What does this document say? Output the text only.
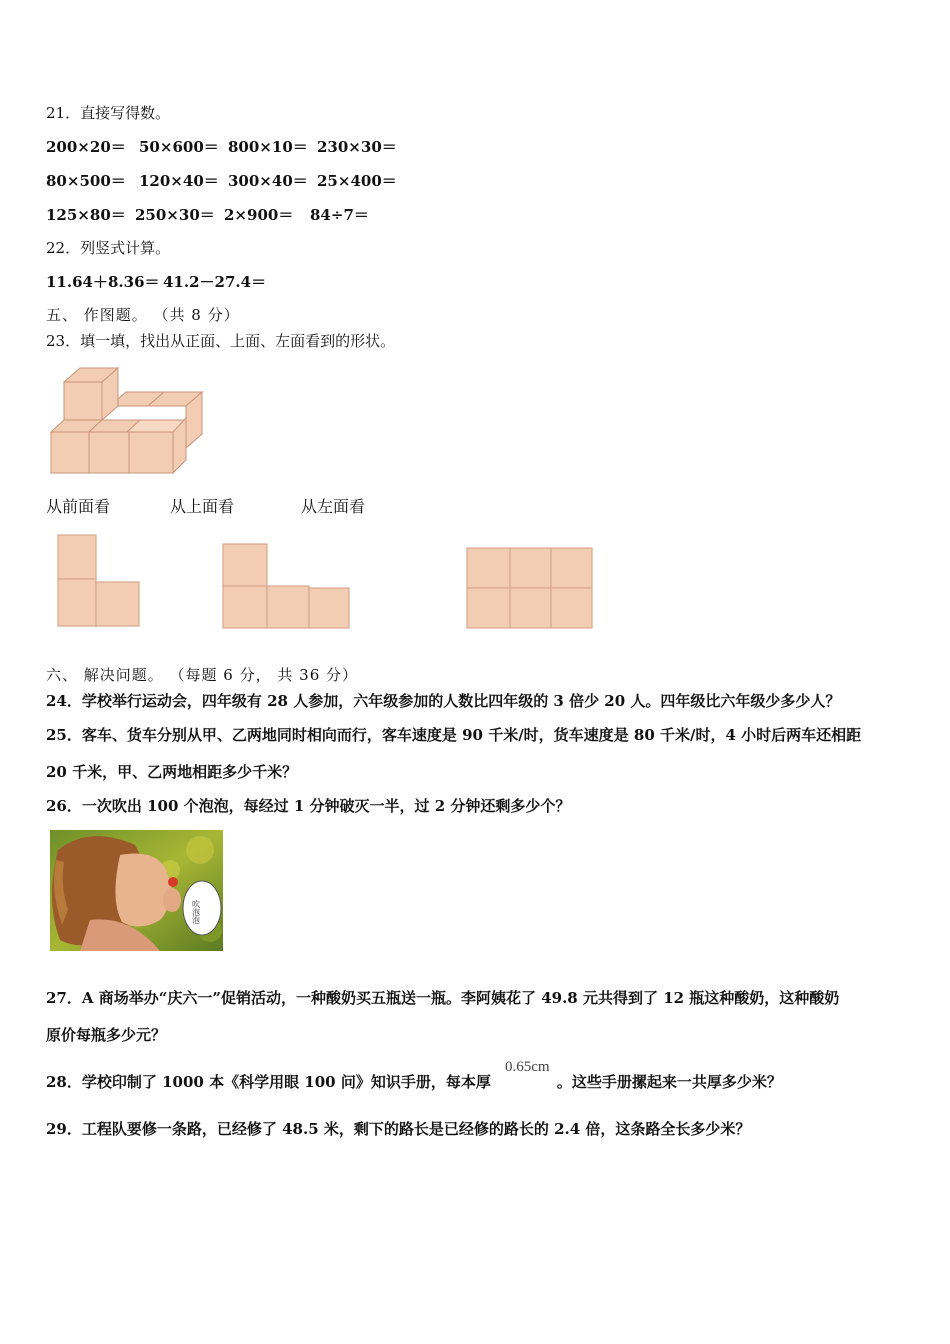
21．直接写得数。
200×20＝ 50×600＝ 800×10＝ 230×30＝
80×500＝ 120×40＝ 300×40＝ 25×400＝
125×80＝ 250×30＝ 2×900＝ 84÷7＝
22．列竖式计算。
11.64＋8.36＝ 41.2－27.4＝
五、 作图题。 （共 8 分）
23．填一填，找出从正面、上面、左面看到的形状。
从前面看	从上面看	从左面看
六、 解决问题。 （每题 6 分， 共 36 分）
24．学校举行运动会，四年级有 28 人参加，六年级参加的人数比四年级的 3 倍少 20 人。四年级比六年级少多少人？
25．客车、货车分别从甲、乙两地同时相向而行，客车速度是 90 千米/时，货车速度是 80 千米/时，4 小时后两车还相距
20 千米，甲、乙两地相距多少千米？
26．一次吹出 100 个泡泡，每经过 1 分钟破灭一半，过 2 分钟还剩多少个？
吹泡泡
27．A 商场举办“庆六一”促销活动，一种酸奶买五瓶送一瓶。李阿姨花了 49.8 元共得到了 12 瓶这种酸奶，这种酸奶
原价每瓶多少元？
28．学校印制了 1000 本《科学用眼 100 问》知识手册，每本厚	。这些手册摞起来一共厚多少米？
0.65cm
29．工程队要修一条路，已经修了 48.5 米，剩下的路长是已经修的路长的 2.4 倍，这条路全长多少米？
